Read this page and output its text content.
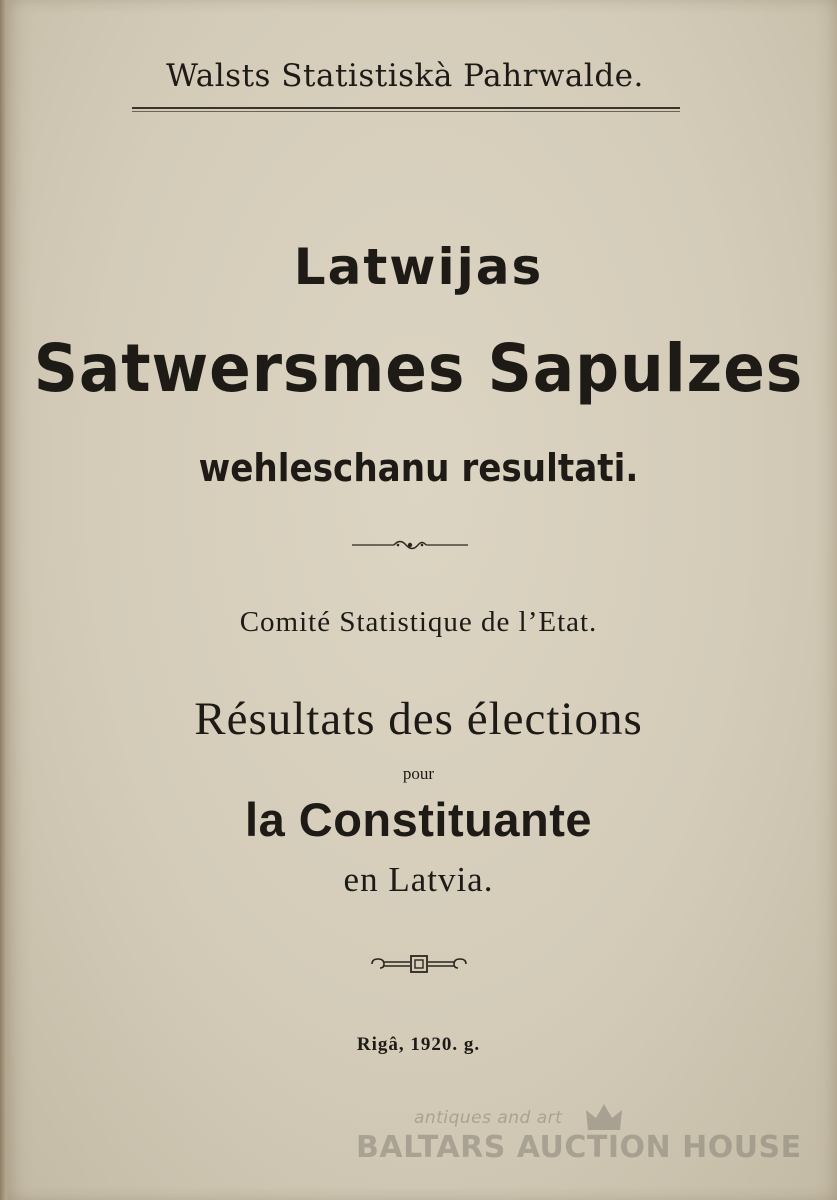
Walsts Statistiskà Pahrwalde.
Latwijas
Satwersmes Sapulzes
wehleschanu resultati.
Comité Statistique de l’Etat.
Résultats des élections
pour
la Constituante
en Latvia.
Rigâ, 1920. g.
antiques and art
BALTARS AUCTION HOUSE
